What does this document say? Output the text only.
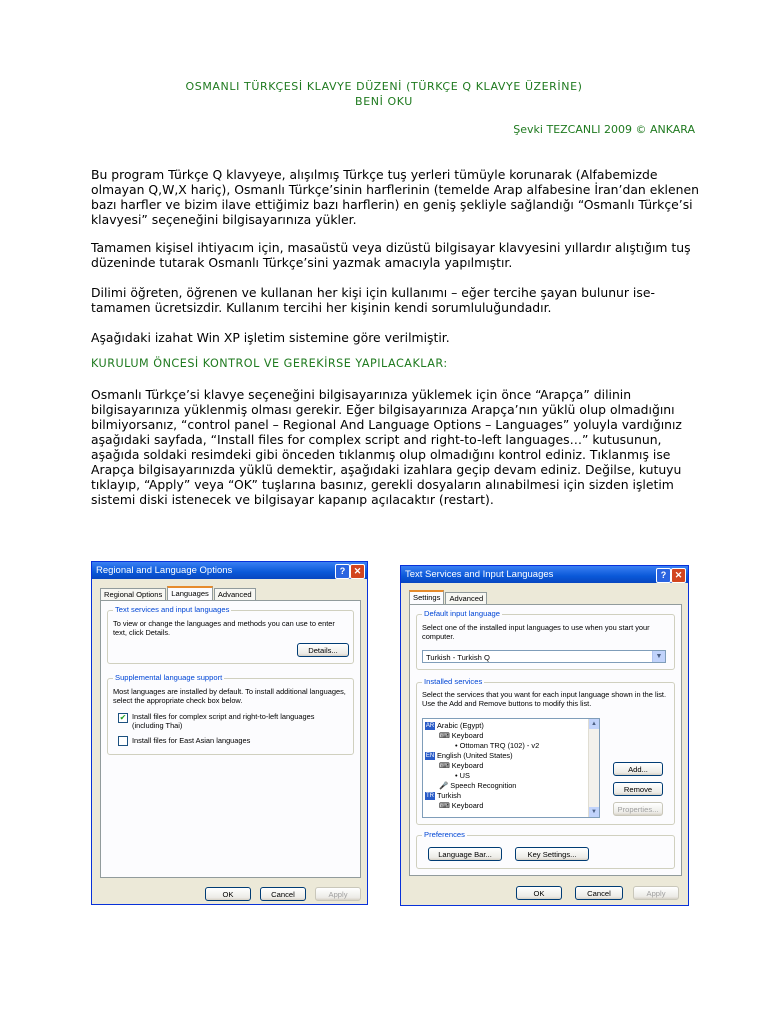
OSMANLI TÜRKÇESİ KLAVYE DÜZENİ (TÜRKÇE Q KLAVYE ÜZERİNE)
BENİ OKU
Şevki TEZCANLI 2009 © ANKARA
Bu program Türkçe Q klavyeye, alışılmış Türkçe tuş yerleri tümüyle korunarak (Alfabemizde olmayan Q,W,X hariç), Osmanlı Türkçe’sinin harflerinin (temelde Arap alfabesine İran’dan eklenen bazı harfler ve bizim ilave ettiğimiz bazı harflerin) en geniş şekliyle sağlandığı “Osmanlı Türkçe’si klavyesi” seçeneğini bilgisayarınıza yükler.
Tamamen kişisel ihtiyacım için, masaüstü veya dizüstü bilgisayar klavyesini yıllardır alıştığım tuş düzeninde tutarak Osmanlı Türkçe’sini yazmak amacıyla yapılmıştır.
Dilimi öğreten, öğrenen ve kullanan her kişi için kullanımı – eğer tercihe şayan bulunur ise- tamamen ücretsizdir. Kullanım tercihi her kişinin kendi sorumluluğundadır.
Aşağıdaki izahat Win XP işletim sistemine göre verilmiştir.
KURULUM ÖNCESİ KONTROL VE GEREKİRSE YAPILACAKLAR:
Osmanlı Türkçe’si klavye seçeneğini bilgisayarınıza yüklemek için önce “Arapça” dilinin bilgisayarınıza yüklenmiş olması gerekir. Eğer bilgisayarınıza Arapça’nın yüklü olup olmadığını bilmiyorsanız, “control panel – Regional And Language Options – Languages” yoluyla vardığınız aşağıdaki sayfada, “Install files for complex script and right-to-left languages…” kutusunun, aşağıda soldaki resimdeki gibi önceden tıklanmış olup olmadığını kontrol ediniz. Tıklanmış ise Arapça bilgisayarınızda yüklü demektir, aşağıdaki izahlara geçip devam ediniz. Değilse, kutuyu tıklayıp, “Apply” veya “OK” tuşlarına basınız, gerekli dosyaların alınabilmesi için sizden işletim sistemi diski istenecek ve bilgisayar kapanıp açılacaktır (restart).
Regional and Language Options	? ✕
Regional Options	Languages	Advanced
Text services and input languages
To view or change the languages and methods you can use to enter text, click Details.
Details...
Supplemental language support
Most languages are installed by default. To install additional languages, select the appropriate check box below.
✔ Install files for complex script and right-to-left languages (including Thai)
Install files for East Asian languages
OK	Cancel	Apply
Text Services and Input Languages	? ✕
Settings	Advanced
Default input language
Select one of the installed input languages to use when you start your computer.
Turkish - Turkish Q	▼
Installed services
Select the services that you want for each input language shown in the list. Use the Add and Remove buttons to modify this list.
AR Arabic (Egypt)
⌨ Keyboard
• Ottoman TRQ (102) - v2
EN English (United States)
⌨ Keyboard
• US
🎤 Speech Recognition
TR Turkish
⌨ Keyboard
▲
▼
Add...
Remove
Properties...
Preferences
Language Bar...	Key Settings...
OK	Cancel	Apply
